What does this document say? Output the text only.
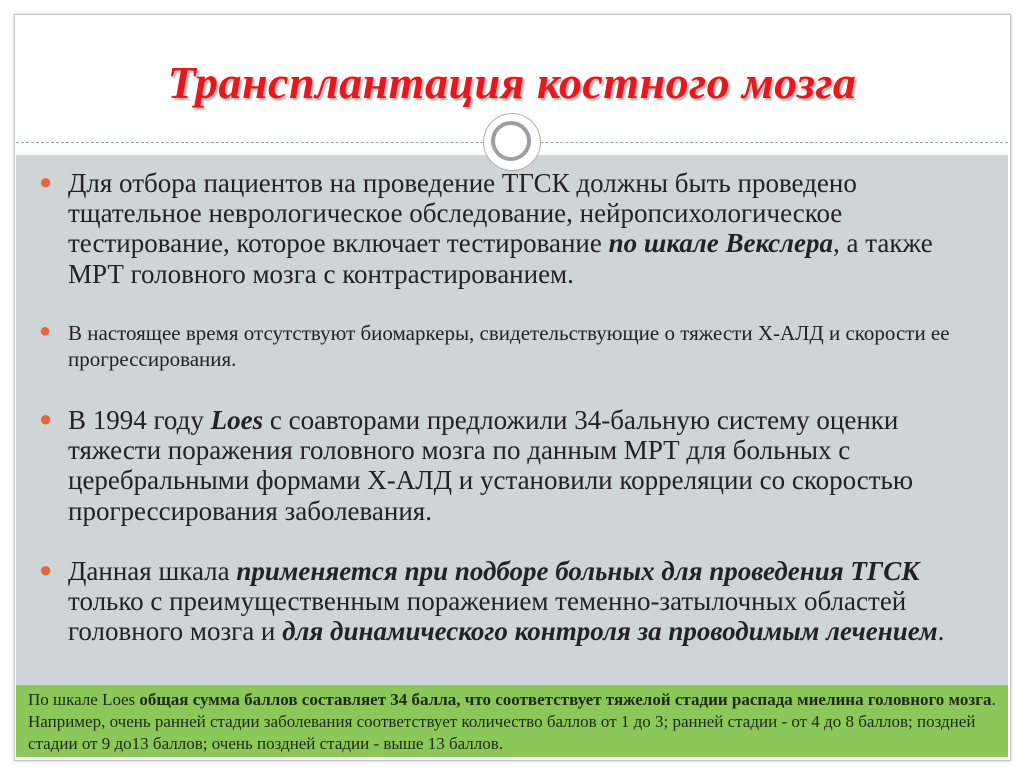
Трансплантация костного мозга
● Для отбора пациентов на проведение ТГСК должны быть проведено тщательное неврологическое обследование, нейропсихологическое тестирование, которое включает тестирование по шкале Векслера, а также МРТ головного мозга с контрастированием.
● В настоящее время отсутствуют биомаркеры, свидетельствующие о тяжести Х-АЛД и скорости ее прогрессирования.
● В 1994 году Loes с соавторами предложили 34-бальную систему оценки тяжести поражения головного мозга по данным МРТ для больных с церебральными формами Х-АЛД и установили корреляции со скоростью прогрессирования заболевания.
● Данная шкала применяется при подборе больных для проведения ТГСК только с преимущественным поражением теменно-затылочных областей головного мозга и для динамического контроля за проводимым лечением.
По шкале Loes общая сумма баллов составляет 34 балла, что соответствует тяжелой стадии распада миелина головного мозга. Например, очень ранней стадии заболевания соответствует количество баллов от 1 до 3; ранней стадии - от 4 до 8 баллов; поздней стадии от 9 до13 баллов; очень поздней стадии - выше 13 баллов.
